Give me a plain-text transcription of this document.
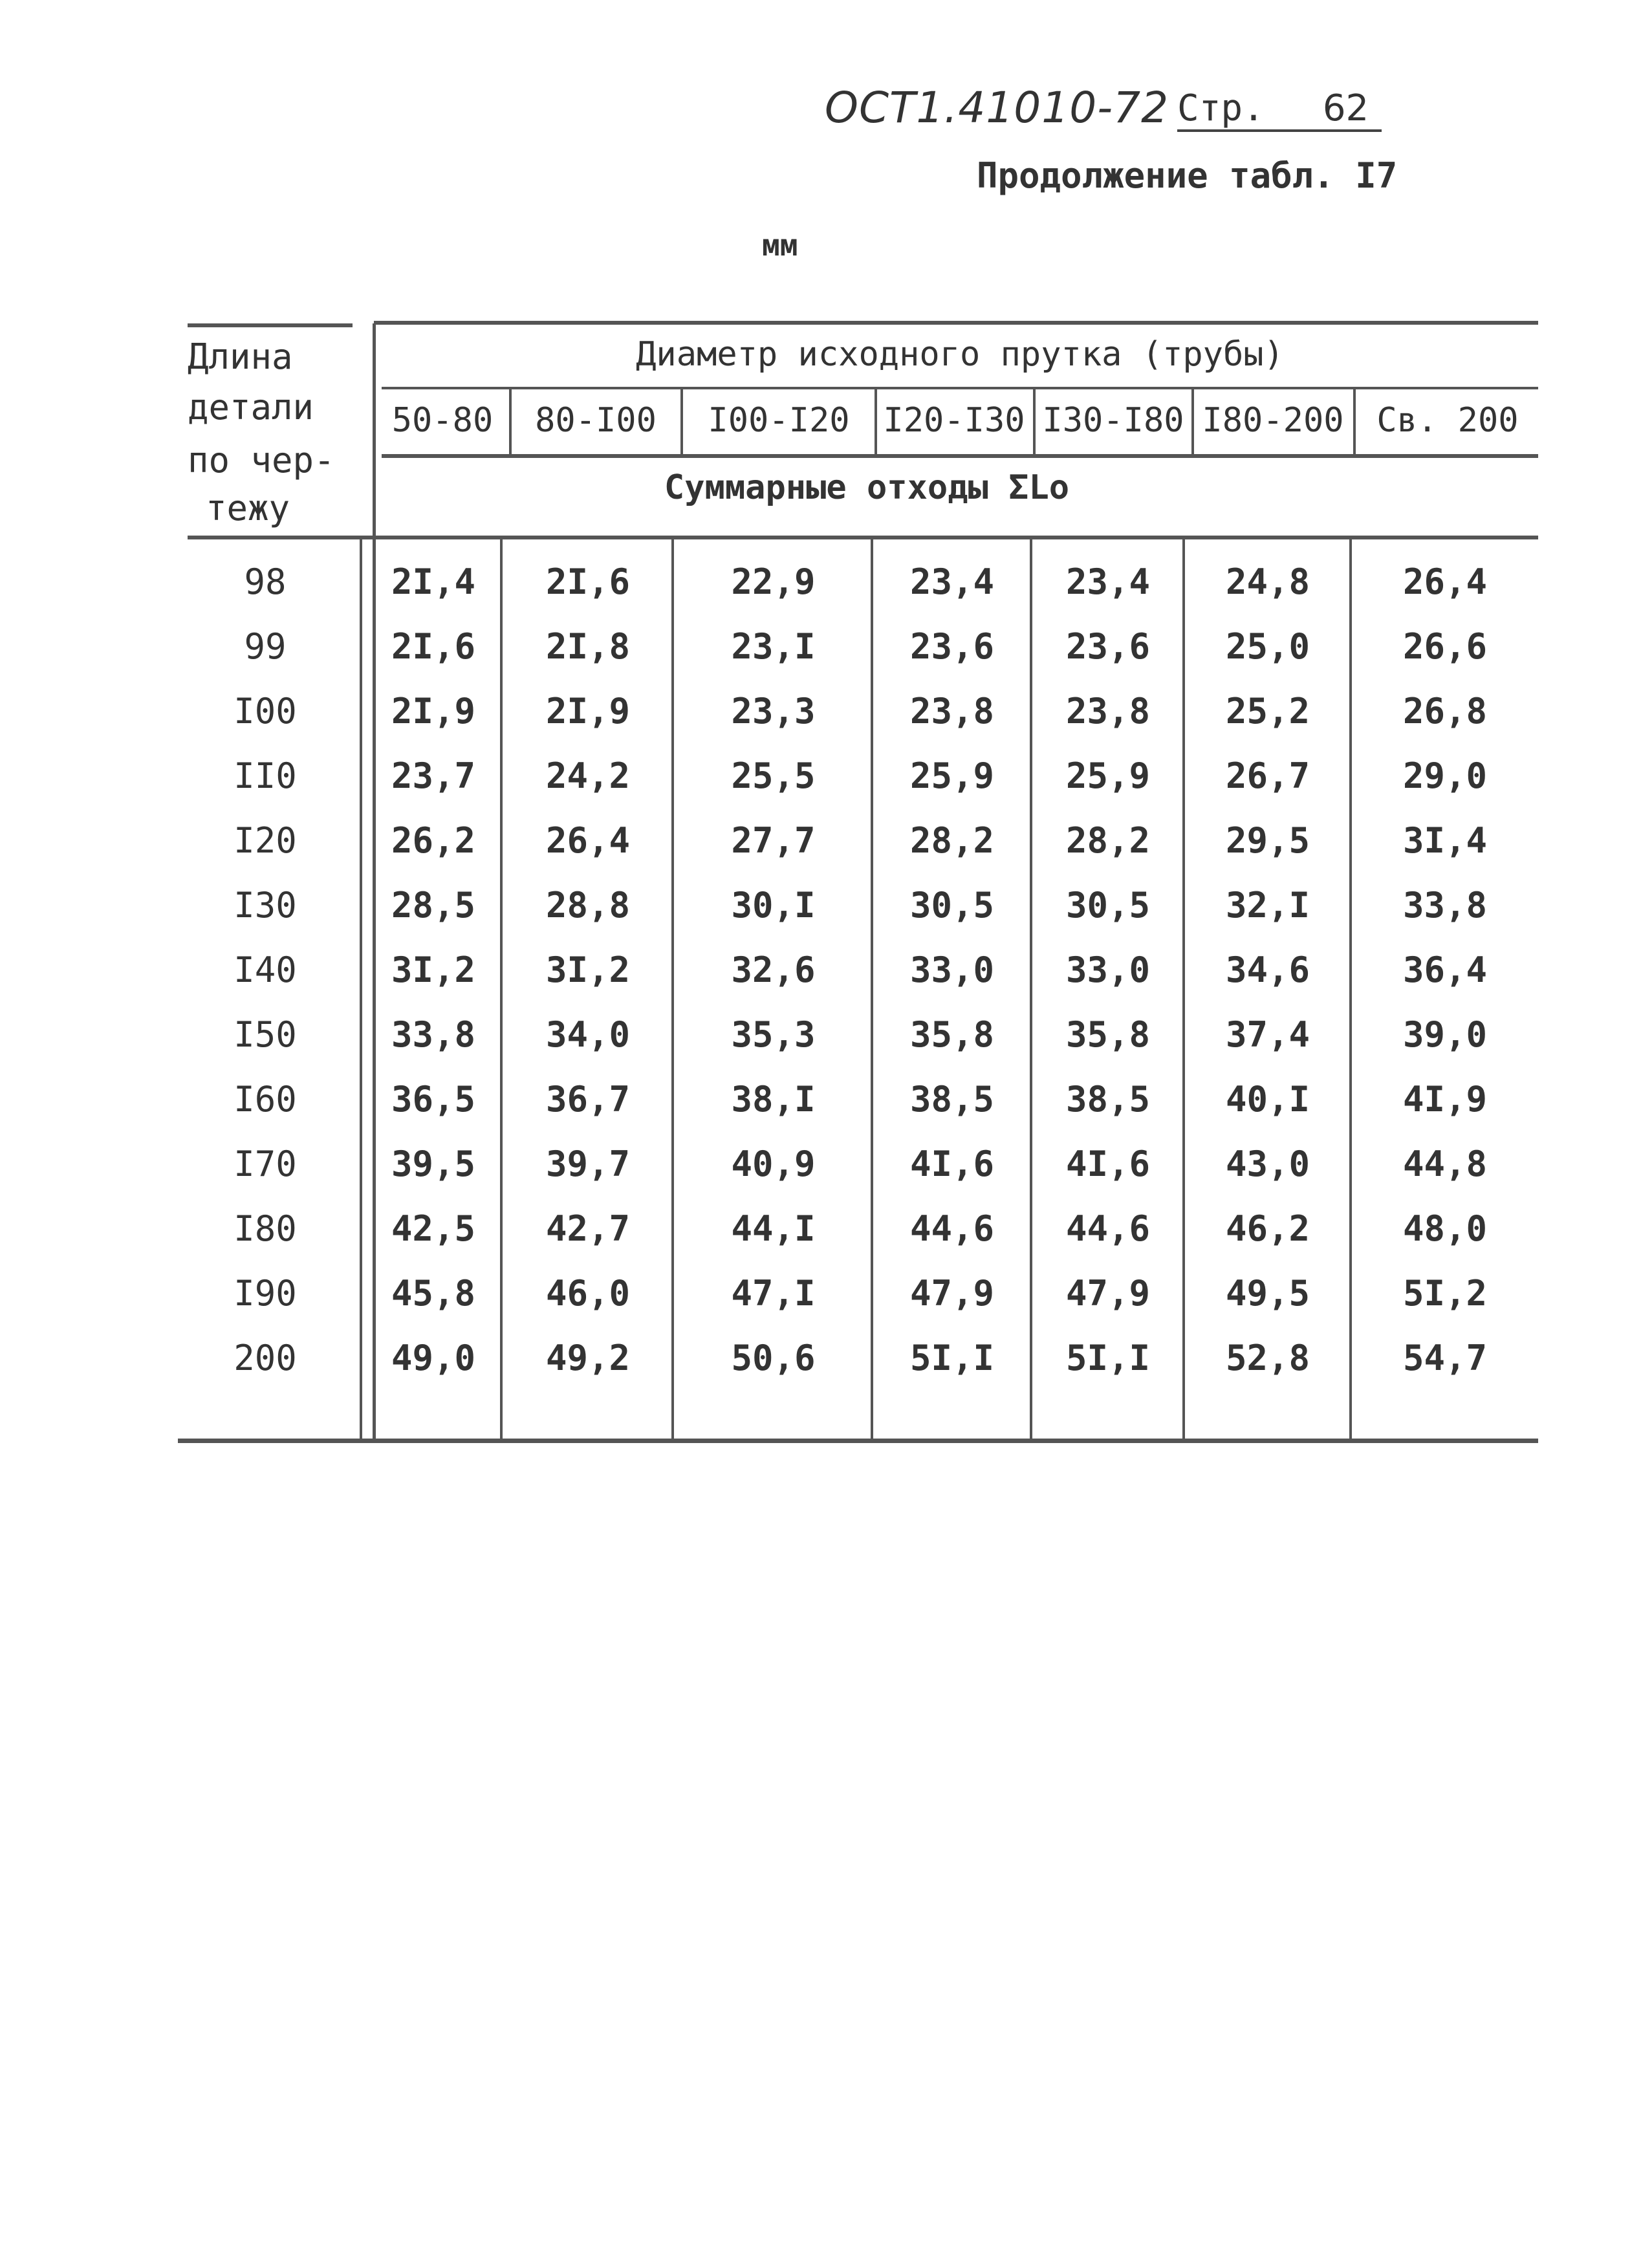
ОСТ1.41010-72 Стр. 62
Продолжение табл. I7
мм
Длина
детали
по чер-
тежу
Диаметр исходного прутка (трубы)
Суммарные отходы ΣLo
50-80	80-I00	I00-I20 I20-I30 I30-I80 I80-200 Св. 200
98	2I,4	2I,6	22,9	23,4	23,4	24,8	26,4
99	2I,6	2I,8	23,I	23,6	23,6	25,0	26,6
I00	2I,9	2I,9	23,3	23,8	23,8	25,2	26,8
II0	23,7	24,2	25,5	25,9	25,9	26,7	29,0
I20	26,2	26,4	27,7	28,2	28,2	29,5	3I,4
I30	28,5	28,8	30,I	30,5	30,5	32,I	33,8
I40	3I,2	3I,2	32,6	33,0	33,0	34,6	36,4
I50	33,8	34,0	35,3	35,8	35,8	37,4	39,0
I60	36,5	36,7	38,I	38,5	38,5	40,I	4I,9
I70	39,5	39,7	40,9	4I,6	4I,6	43,0	44,8
I80	42,5	42,7	44,I	44,6	44,6	46,2	48,0
I90	45,8	46,0	47,I	47,9	47,9	49,5	5I,2
200	49,0	49,2	50,6	5I,I	5I,I	52,8	54,7
